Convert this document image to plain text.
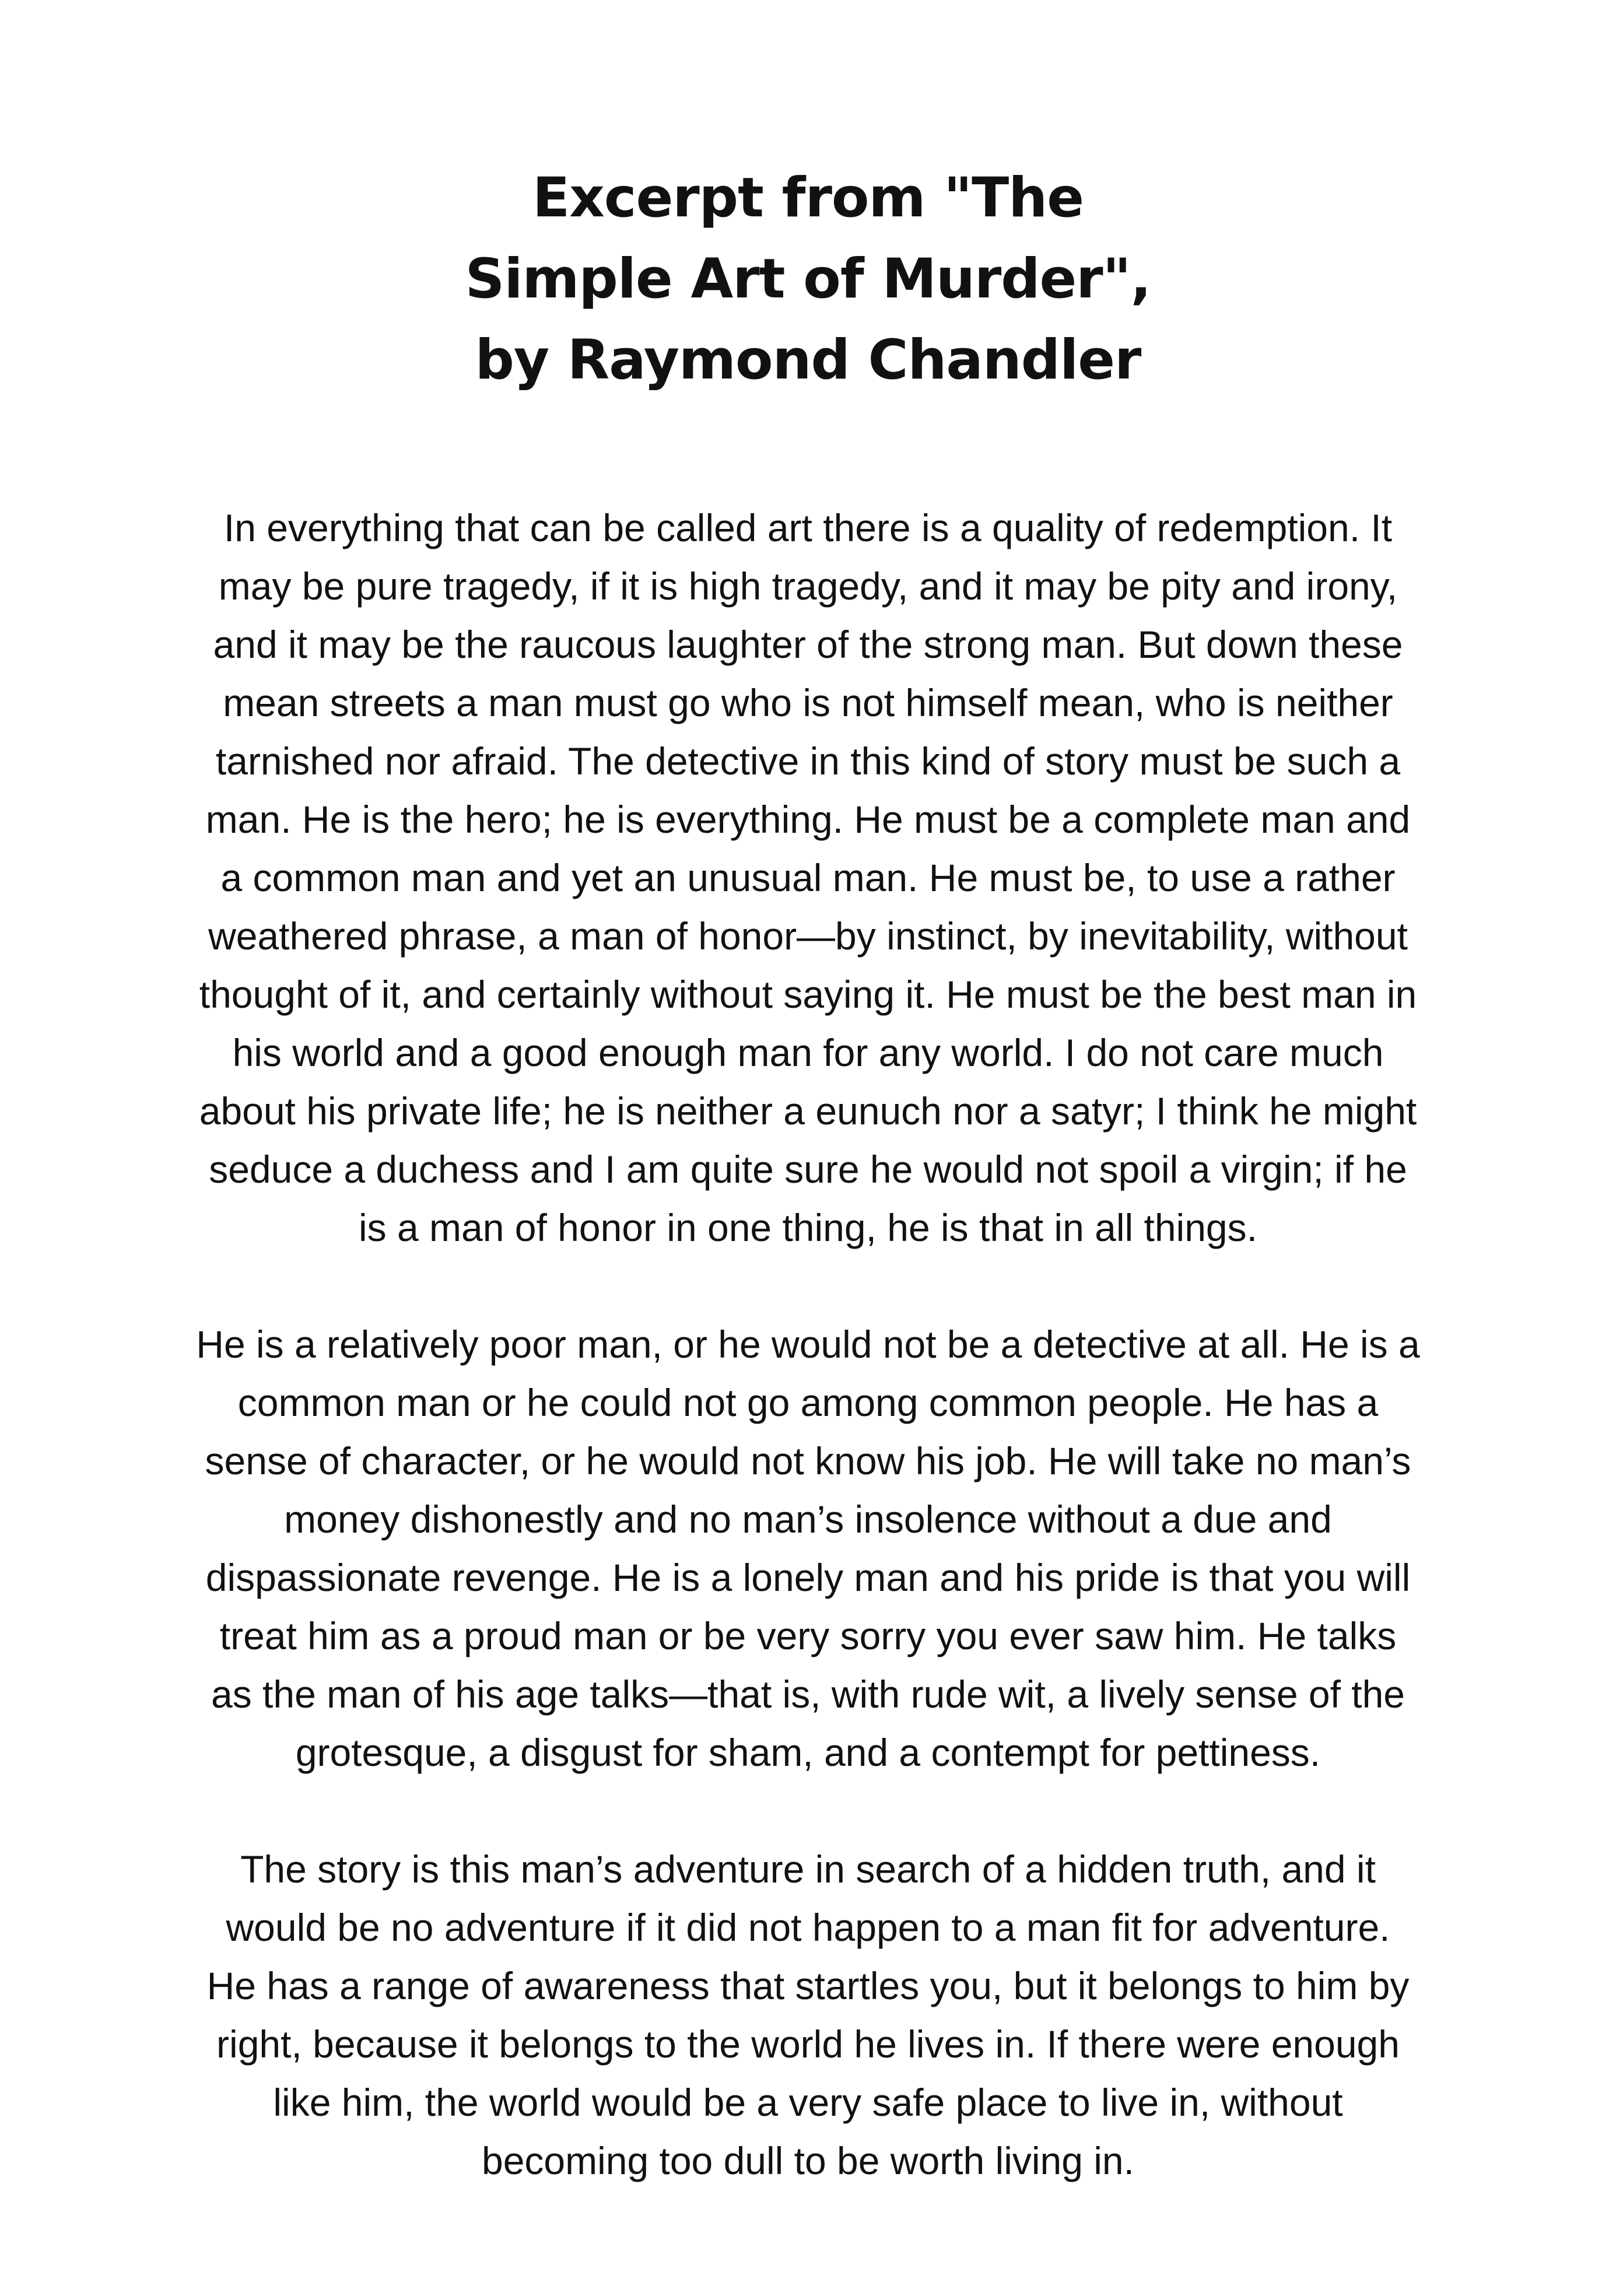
Excerpt from "The
Simple Art of Murder",
by Raymond Chandler

In everything that can be called art there is a quality of redemption. It
may be pure tragedy, if it is high tragedy, and it may be pity and irony,
and it may be the raucous laughter of the strong man. But down these
mean streets a man must go who is not himself mean, who is neither
tarnished nor afraid. The detective in this kind of story must be such a
man. He is the hero; he is everything. He must be a complete man and
a common man and yet an unusual man. He must be, to use a rather
weathered phrase, a man of honor—by instinct, by inevitability, without
thought of it, and certainly without saying it. He must be the best man in
his world and a good enough man for any world. I do not care much
about his private life; he is neither a eunuch nor a satyr; I think he might
seduce a duchess and I am quite sure he would not spoil a virgin; if he
is a man of honor in one thing, he is that in all things.

He is a relatively poor man, or he would not be a detective at all. He is a
common man or he could not go among common people. He has a
sense of character, or he would not know his job. He will take no man’s
money dishonestly and no man’s insolence without a due and
dispassionate revenge. He is a lonely man and his pride is that you will
treat him as a proud man or be very sorry you ever saw him. He talks
as the man of his age talks—that is, with rude wit, a lively sense of the
grotesque, a disgust for sham, and a contempt for pettiness.

The story is this man’s adventure in search of a hidden truth, and it
would be no adventure if it did not happen to a man fit for adventure.
He has a range of awareness that startles you, but it belongs to him by
right, because it belongs to the world he lives in. If there were enough
like him, the world would be a very safe place to live in, without
becoming too dull to be worth living in.
